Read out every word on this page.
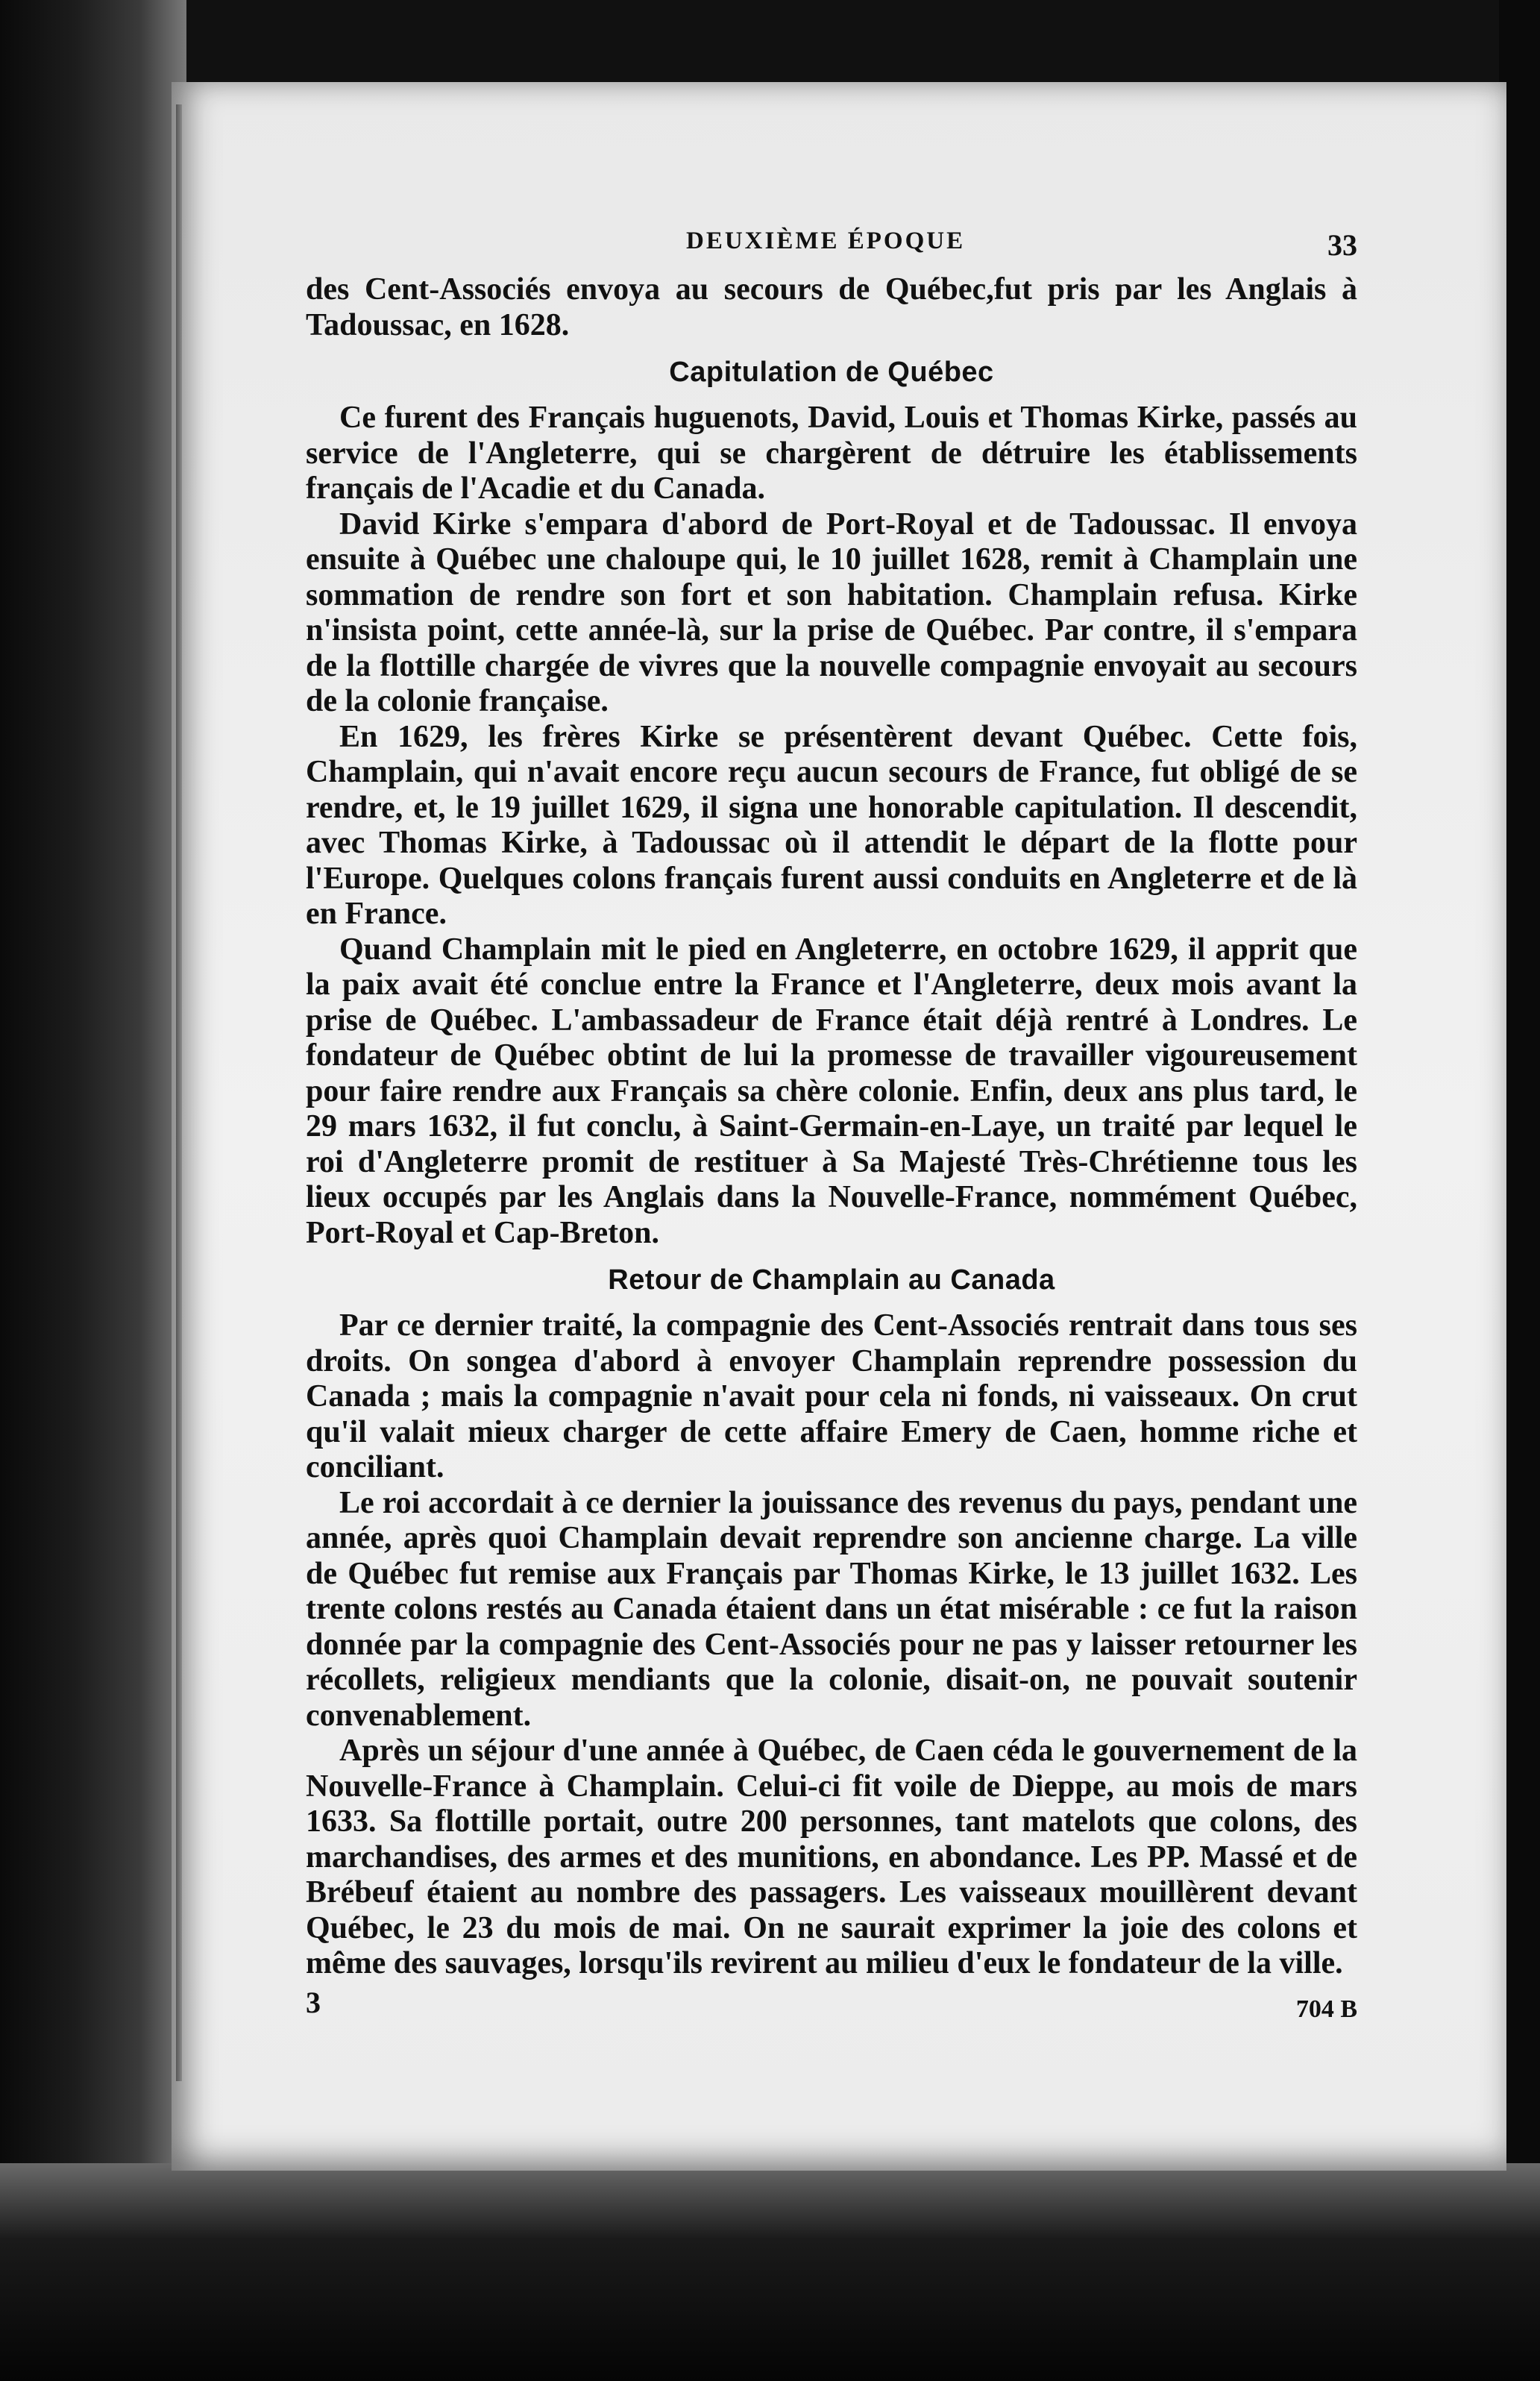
DEUXIÈME ÉPOQUE	33

des Cent-Associés envoya au secours de Québec,fut pris par les Anglais à Tadoussac, en 1628.

Capitulation de Québec

Ce furent des Français huguenots, David, Louis et Thomas Kirke, passés au service de l'Angleterre, qui se chargèrent de détruire les établissements français de l'Acadie et du Canada.

David Kirke s'empara d'abord de Port-Royal et de Tadoussac. Il envoya ensuite à Québec une chaloupe qui, le 10 juillet 1628, remit à Champlain une sommation de rendre son fort et son habitation. Champlain refusa. Kirke n'insista point, cette année-là, sur la prise de Québec. Par contre, il s'empara de la flottille chargée de vivres que la nouvelle compagnie envoyait au secours de la colonie française.

En 1629, les frères Kirke se présentèrent devant Québec. Cette fois, Champlain, qui n'avait encore reçu aucun secours de France, fut obligé de se rendre, et, le 19 juillet 1629, il signa une honorable capitulation. Il descendit, avec Thomas Kirke, à Tadoussac où il attendit le départ de la flotte pour l'Europe. Quelques colons français furent aussi conduits en Angleterre et de là en France.

Quand Champlain mit le pied en Angleterre, en octobre 1629, il apprit que la paix avait été conclue entre la France et l'Angleterre, deux mois avant la prise de Québec. L'ambassadeur de France était déjà rentré à Londres. Le fondateur de Québec obtint de lui la promesse de travailler vigoureusement pour faire rendre aux Français sa chère colonie. Enfin, deux ans plus tard, le 29 mars 1632, il fut conclu, à Saint-Germain-en-Laye, un traité par lequel le roi d'Angleterre promit de restituer à Sa Majesté Très-Chrétienne tous les lieux occupés par les Anglais dans la Nouvelle-France, nommément Québec, Port-Royal et Cap-Breton.

Retour de Champlain au Canada

Par ce dernier traité, la compagnie des Cent-Associés rentrait dans tous ses droits. On songea d'abord à envoyer Champlain reprendre possession du Canada ; mais la compagnie n'avait pour cela ni fonds, ni vaisseaux. On crut qu'il valait mieux charger de cette affaire Emery de Caen, homme riche et conciliant.

Le roi accordait à ce dernier la jouissance des revenus du pays, pendant une année, après quoi Champlain devait reprendre son ancienne charge. La ville de Québec fut remise aux Français par Thomas Kirke, le 13 juillet 1632. Les trente colons restés au Canada étaient dans un état misérable : ce fut la raison donnée par la compagnie des Cent-Associés pour ne pas y laisser retourner les récollets, religieux mendiants que la colonie, disait-on, ne pouvait soutenir convenablement.

Après un séjour d'une année à Québec, de Caen céda le gouvernement de la Nouvelle-France à Champlain. Celui-ci fit voile de Dieppe, au mois de mars 1633. Sa flottille portait, outre 200 personnes, tant matelots que colons, des marchandises, des armes et des munitions, en abondance. Les PP. Massé et de Brébeuf étaient au nombre des passagers. Les vaisseaux mouillèrent devant Québec, le 23 du mois de mai. On ne saurait exprimer la joie des colons et même des sauvages, lorsqu'ils revirent au milieu d'eux le fondateur de la ville.

3	704 B
